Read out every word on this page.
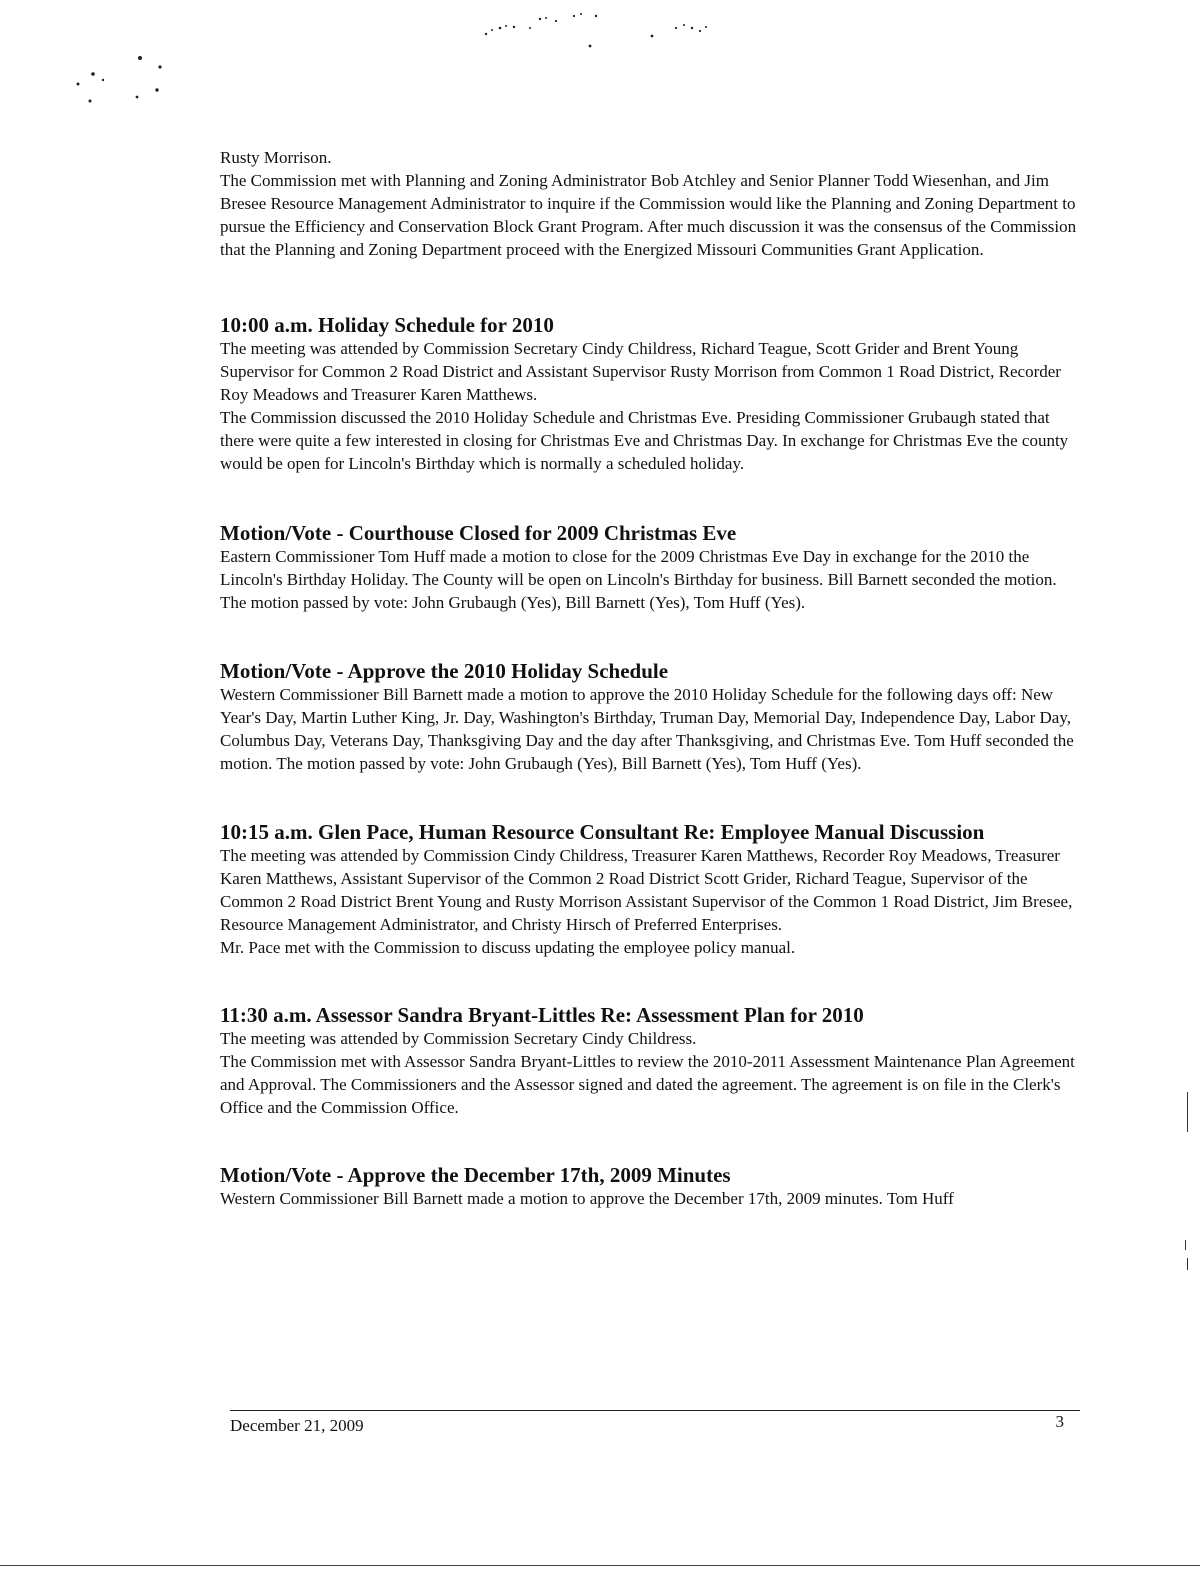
Rusty Morrison.

The Commission met with Planning and Zoning Administrator Bob Atchley and Senior Planner Todd Wiesenhan, and Jim Bresee Resource Management Administrator to inquire if the Commission would like the Planning and Zoning Department to pursue the Efficiency and Conservation Block Grant Program. After much discussion it was the consensus of the Commission that the Planning and Zoning Department proceed with the Energized Missouri Communities Grant Application.

10:00 a.m. Holiday Schedule for 2010

The meeting was attended by Commission Secretary Cindy Childress, Richard Teague, Scott Grider and Brent Young Supervisor for Common 2 Road District and Assistant Supervisor Rusty Morrison from Common 1 Road District, Recorder Roy Meadows and Treasurer Karen Matthews.

The Commission discussed the 2010 Holiday Schedule and Christmas Eve. Presiding Commissioner Grubaugh stated that there were quite a few interested in closing for Christmas Eve and Christmas Day. In exchange for Christmas Eve the county would be open for Lincoln's Birthday which is normally a scheduled holiday.

Motion/Vote - Courthouse Closed for 2009 Christmas Eve

Eastern Commissioner Tom Huff made a motion to close for the 2009 Christmas Eve Day in exchange for the 2010 the Lincoln's Birthday Holiday. The County will be open on Lincoln's Birthday for business. Bill Barnett seconded the motion. The motion passed by vote: John Grubaugh (Yes), Bill Barnett (Yes), Tom Huff (Yes).

Motion/Vote - Approve the 2010 Holiday Schedule

Western Commissioner Bill Barnett made a motion to approve the 2010 Holiday Schedule for the following days off: New Year's Day, Martin Luther King, Jr. Day, Washington's Birthday, Truman Day, Memorial Day, Independence Day, Labor Day, Columbus Day, Veterans Day, Thanksgiving Day and the day after Thanksgiving, and Christmas Eve. Tom Huff seconded the motion. The motion passed by vote: John Grubaugh (Yes), Bill Barnett (Yes), Tom Huff (Yes).

10:15 a.m. Glen Pace, Human Resource Consultant Re: Employee Manual Discussion

The meeting was attended by Commission Cindy Childress, Treasurer Karen Matthews, Recorder Roy Meadows, Treasurer Karen Matthews, Assistant Supervisor of the Common 2 Road District Scott Grider, Richard Teague, Supervisor of the Common 2 Road District Brent Young and Rusty Morrison Assistant Supervisor of the Common 1 Road District, Jim Bresee, Resource Management Administrator, and Christy Hirsch of Preferred Enterprises.

Mr. Pace met with the Commission to discuss updating the employee policy manual.

11:30 a.m. Assessor Sandra Bryant-Littles Re: Assessment Plan for 2010

The meeting was attended by Commission Secretary Cindy Childress.

The Commission met with Assessor Sandra Bryant-Littles to review the 2010-2011 Assessment Maintenance Plan Agreement and Approval. The Commissioners and the Assessor signed and dated the agreement. The agreement is on file in the Clerk's Office and the Commission Office.

Motion/Vote - Approve the December 17th, 2009 Minutes

Western Commissioner Bill Barnett made a motion to approve the December 17th, 2009 minutes. Tom Huff

December 21, 2009	3
